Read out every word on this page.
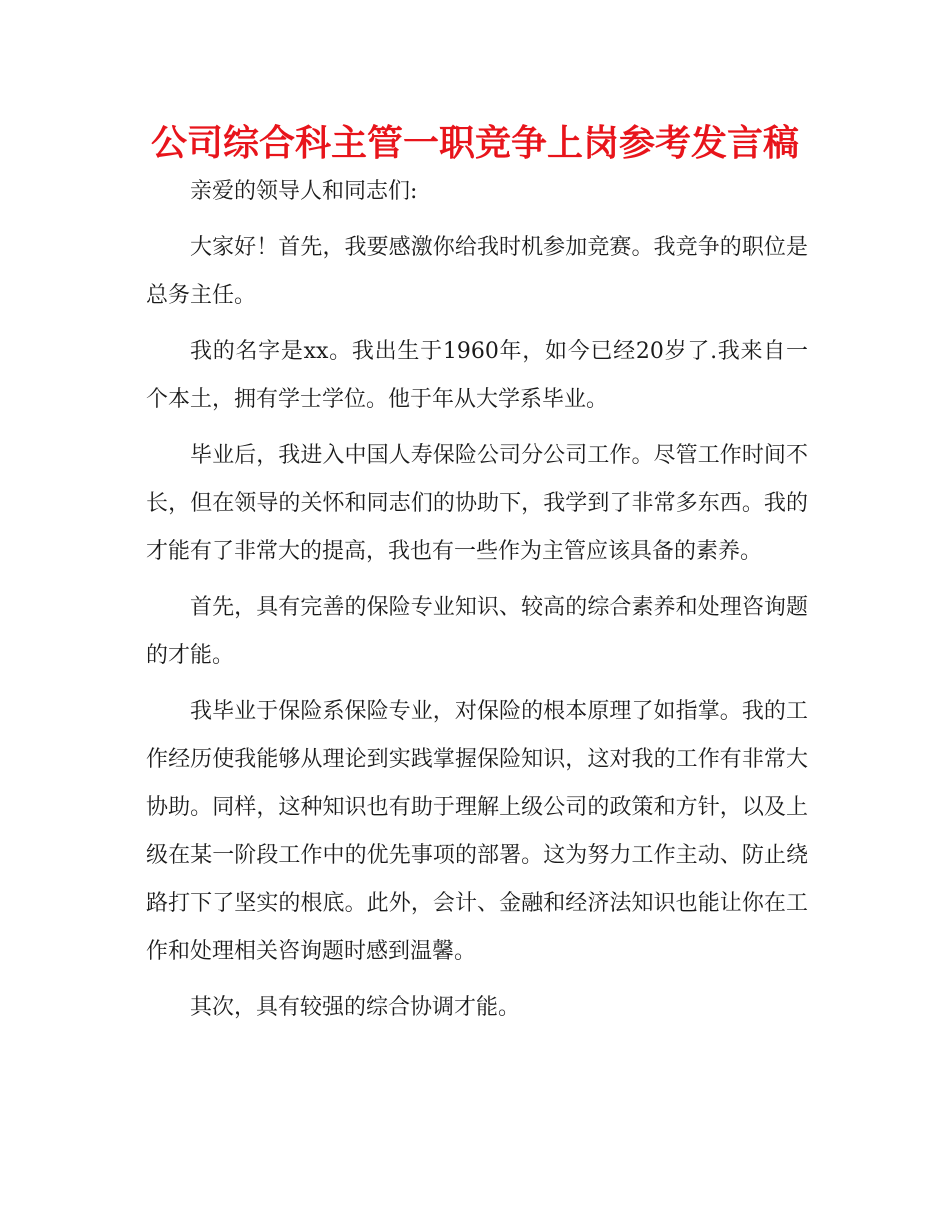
公司综合科主管一职竞争上岗参考发言稿

亲爱的领导人和同志们:

大家好！首先，我要感激你给我时机参加竞赛。我竞争的职位是总务主任。

我的名字是xx。我出生于1960年，如今已经20岁了.我来自一个本土，拥有学士学位。他于年从大学系毕业。

毕业后，我进入中国人寿保险公司分公司工作。尽管工作时间不长，但在领导的关怀和同志们的协助下，我学到了非常多东西。我的才能有了非常大的提高，我也有一些作为主管应该具备的素养。

首先，具有完善的保险专业知识、较高的综合素养和处理咨询题的才能。

我毕业于保险系保险专业，对保险的根本原理了如指掌。我的工作经历使我能够从理论到实践掌握保险知识，这对我的工作有非常大协助。同样，这种知识也有助于理解上级公司的政策和方针，以及上级在某一阶段工作中的优先事项的部署。这为努力工作主动、防止绕路打下了坚实的根底。此外，会计、金融和经济法知识也能让你在工作和处理相关咨询题时感到温馨。

其次，具有较强的综合协调才能。
